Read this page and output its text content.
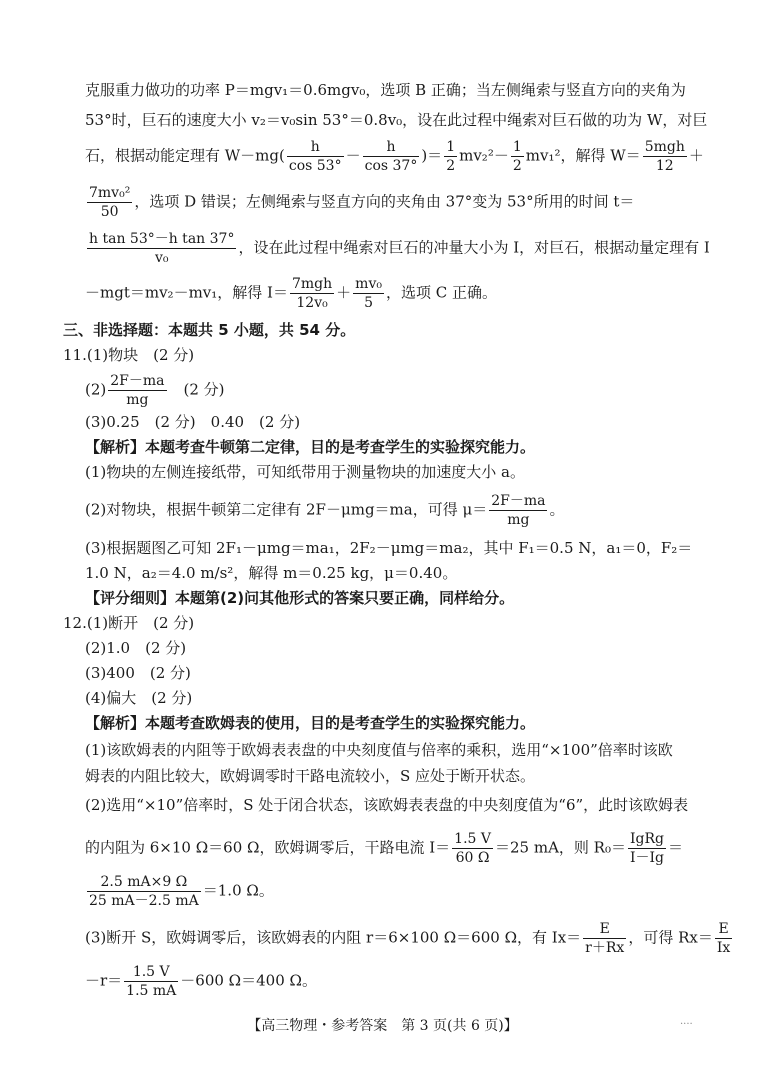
克服重力做功的功率 P＝mgv₁＝0.6mgv₀，选项 B 正确；当左侧绳索与竖直方向的夹角为
53°时，巨石的速度大小 v₂＝v₀sin 53°＝0.8v₀，设在此过程中绳索对巨石做的功为 W，对巨
石，根据动能定理有 $W-mg( \frac{h}{\cos 53^\circ} - \frac{h}{\cos 37^\circ}$ )＝ $\frac{1}{2} mv_2^2- \frac{1}{2} mv_1^2$，解得 $W= \frac{\text{5mgh}}{12}$ ＋
$\frac{\text{7mv₀²}}{50}$ ，选项 D 错误；左侧绳索与竖直方向的夹角由 37°变为 53°所用的时间 t＝
$\frac{\text{h tan 53°－h tan 37°}}{\text{v₀}}$ ，设在此过程中绳索对巨石的冲量大小为 I，对巨石，根据动量定理有 I
－mgt＝mv₂－mv₁，解得 $I= \frac{\text{7mgh}}{\text{12v₀}} + \frac{\text{mv₀}}{5}$ ，选项 C 正确。
三、非选择题：本题共 5 小题，共 54 分。
11.(1)物块　(2 分)
$(2) \frac{2F-ma}{mg}$ 　(2 分)
(3)0.25　(2 分)　0.40　(2 分)
【解析】本题考查牛顿第二定律，目的是考查学生的实验探究能力。
(1)物块的左侧连接纸带，可知纸带用于测量物块的加速度大小 a。
(2)对物块，根据牛顿第二定律有 2F－μmg＝ma，可得 $\mu= \frac{2F-ma}{mg}$ 。
(3)根据题图乙可知 2F₁－μmg＝ma₁，2F₂－μmg＝ma₂，其中 F₁＝0.5 N，a₁＝0，F₂＝
1.0 N，a₂＝4.0 m/s²，解得 m＝0.25 kg，μ＝0.40。
【评分细则】本题第(2)问其他形式的答案只要正确，同样给分。
12.(1)断开　(2 分)
(2)1.0　(2 分)
(3)400　(2 分)
(4)偏大　(2 分)
【解析】本题考查欧姆表的使用，目的是考查学生的实验探究能力。
(1)该欧姆表的内阻等于欧姆表表盘的中央刻度值与倍率的乘积，选用“×100”倍率时该欧
姆表的内阻比较大，欧姆调零时干路电流较小，S 应处于断开状态。
(2)选用“×10”倍率时，S 处于闭合状态，该欧姆表表盘的中央刻度值为“6”，此时该欧姆表
的内阻为 6×10 Ω＝60 Ω，欧姆调零后，干路电流 $I= \frac{1.5 V}{60 \Omega} =25$ mA，则 $R_0= \frac{\text{IgRg}}{I-Ig}$ ＝
$\frac{2.5 mA\times 9 \Omega}{25 mA-2.5 mA} =1.0$ Ω。
(3)断开 S，欧姆调零后，该欧姆表的内阻 r＝6×100 Ω＝600 Ω，有 $Ix= \frac{E}{r+Rx}$ ，可得 $Rx= \frac{E}{Ix}$
$-r= \frac{1.5 V}{1.5 mA} -600$ Ω＝400 Ω。
【高三物理・参考答案　第 3 页(共 6 页)】	....
